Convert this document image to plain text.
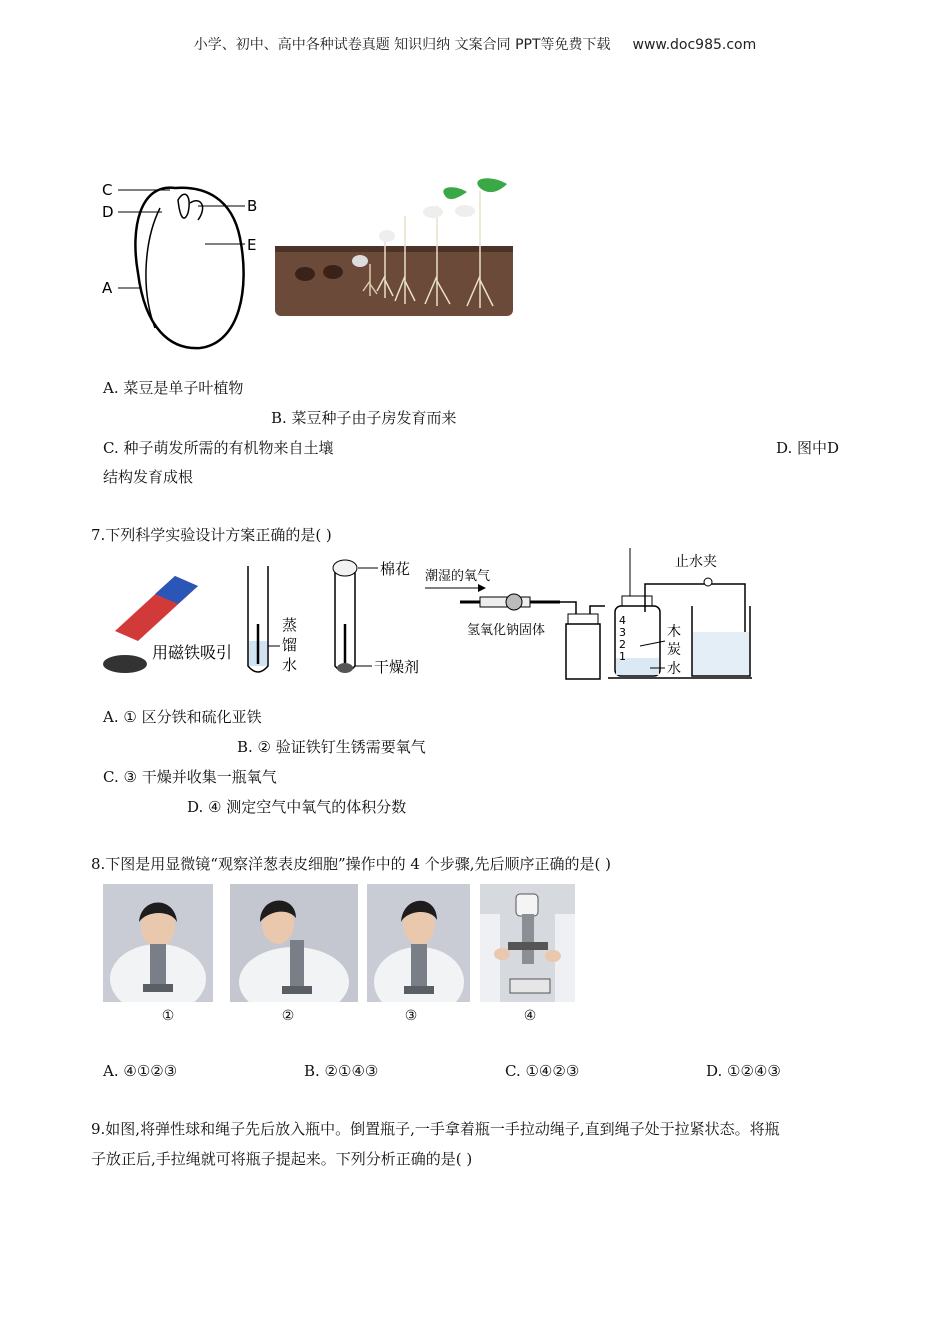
小学、初中、高中各种试卷真题 知识归纳 文案合同 PPT等免费下载 www.doc985.com
C
D	B
E
A
A. 菜豆是单子叶植物
B. 菜豆种子由子房发育而来
C. 种子萌发所需的有机物来自土壤	D. 图中D
结构发育成根
7.下列科学实验设计方案正确的是( )
用磁铁吸引
蒸
馏
水
棉花
干燥剂
潮湿的氧气
氢氧化钠固体
4
3
2
1
止水夹
木
炭
水
A. ① 区分铁和硫化亚铁
B. ② 验证铁钉生锈需要氧气
C. ③ 干燥并收集一瓶氧气
D. ④ 测定空气中氧气的体积分数
8.下图是用显微镜“观察洋葱表皮细胞”操作中的 4 个步骤,先后顺序正确的是( )
①	②	③	④
A. ④①②③	B. ②①④③	C. ①④②③	D. ①②④③
9.如图,将弹性球和绳子先后放入瓶中。倒置瓶子,一手拿着瓶一手拉动绳子,直到绳子处于拉紧状态。将瓶
子放正后,手拉绳就可将瓶子提起来。下列分析正确的是( )
